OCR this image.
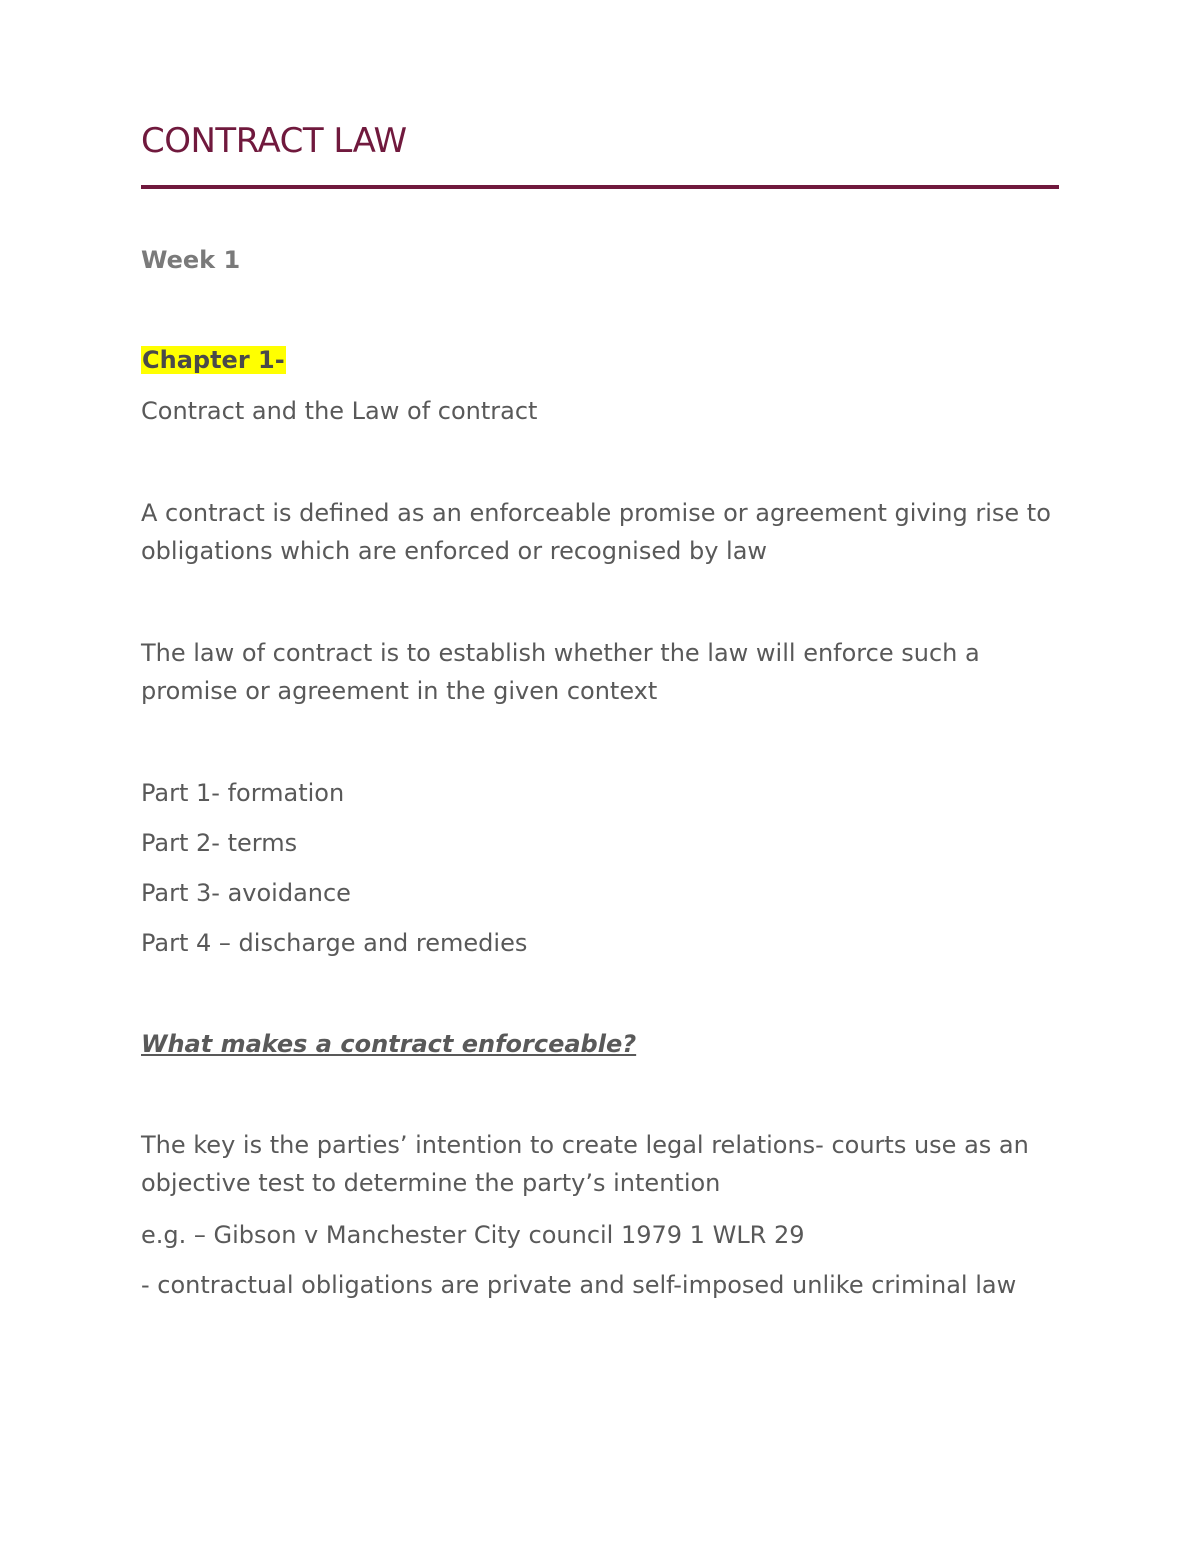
CONTRACT LAW
Week 1
Chapter 1-
Contract and the Law of contract
A contract is defined as an enforceable promise or agreement giving rise to
obligations which are enforced or recognised by law
The law of contract is to establish whether the law will enforce such a
promise or agreement in the given context
Part 1- formation
Part 2- terms
Part 3- avoidance
Part 4 – discharge and remedies
What makes a contract enforceable?
The key is the parties’ intention to create legal relations- courts use as an
objective test to determine the party’s intention
e.g. – Gibson v Manchester City council 1979 1 WLR 29
- contractual obligations are private and self-imposed unlike criminal law
